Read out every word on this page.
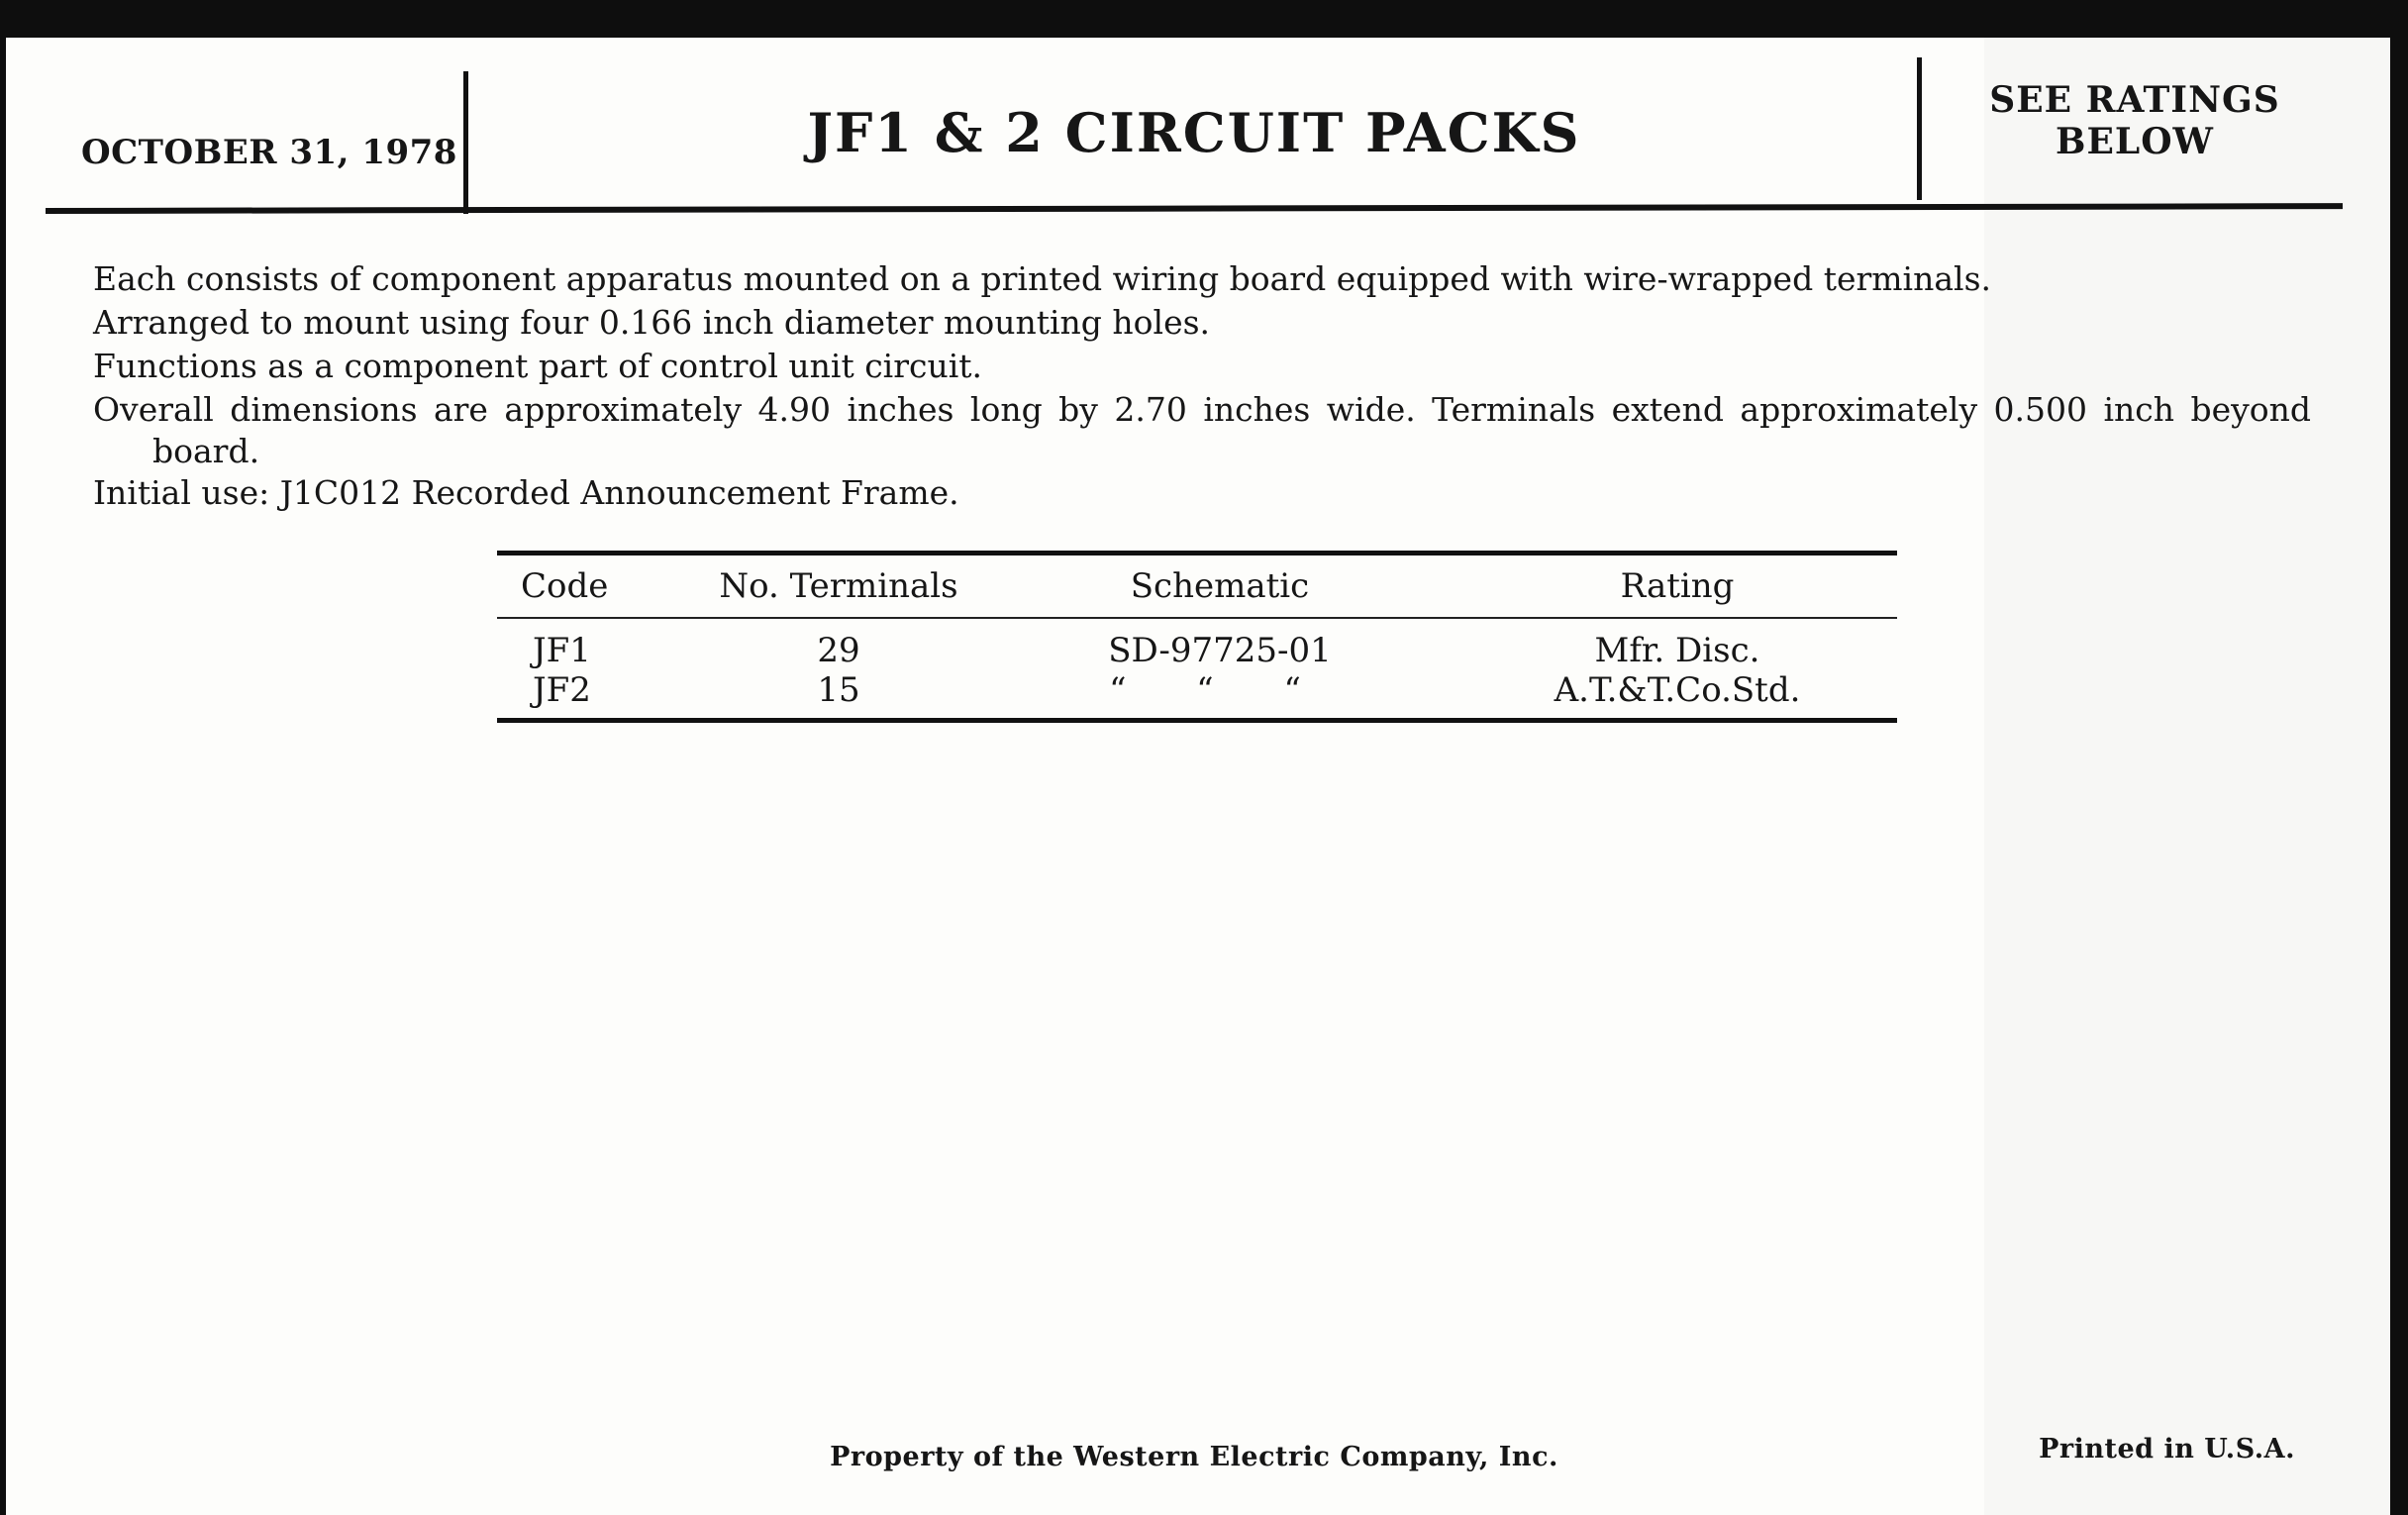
OCTOBER 31, 1978	JF1 & 2 CIRCUIT PACKS
SEE RATINGS
BELOW

Each consists of component apparatus mounted on a printed wiring board equipped with wire-wrapped terminals.

Arranged to mount using four 0.166 inch diameter mounting holes.

Functions as a component part of control unit circuit.

Overall dimensions are approximately 4.90 inches long by 2.70 inches wide. Terminals extend approximately 0.500 inch beyond

board.

Initial use: J1C012 Recorded Announcement Frame.

Code	No. Terminals	Schematic	Rating
JF1	29	SD-97725-01	Mfr. Disc.
JF2	15	“ “ “	A.T.&T.Co.Std.
Property of the Western Electric Company, Inc.	Printed in U.S.A.
